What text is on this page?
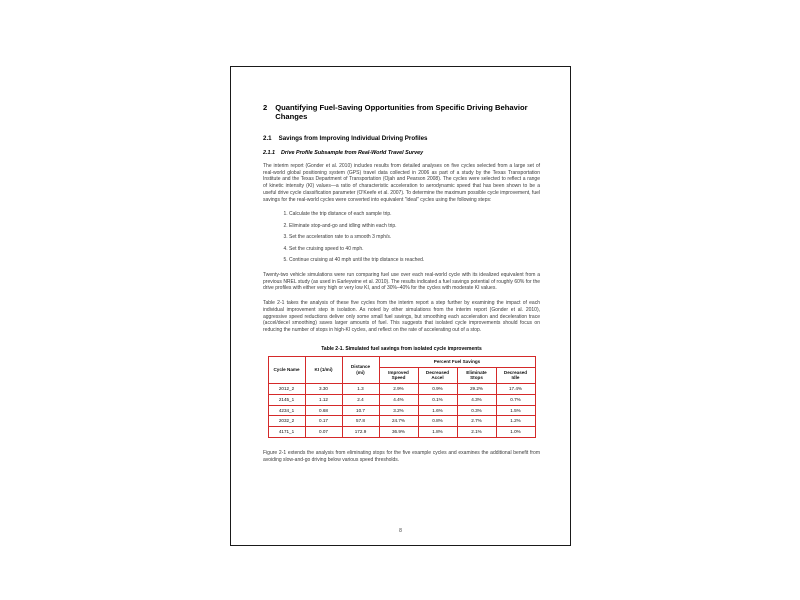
2 Quantifying Fuel-Saving Opportunities from Specific Driving Behavior Changes
2.1 Savings from Improving Individual Driving Profiles
2.1.1 Drive Profile Subsample from Real-World Travel Survey

The interim report (Gonder et al. 2010) includes results from detailed analyses on five cycles selected from a large set of real-world global positioning system (GPS) travel data collected in 2006 as part of a study by the Texas Transportation Institute and the Texas Department of Transportation (Ojah and Pearson 2008). The cycles were selected to reflect a range of kinetic intensity (KI) values—a ratio of characteristic acceleration to aerodynamic speed that has been shown to be a useful drive cycle classification parameter (O'Keefe et al. 2007). To determine the maximum possible cycle improvement, fuel savings for the real-world cycles were converted into equivalent "ideal" cycles using the following steps:

1. Calculate the trip distance of each sample trip.
2. Eliminate stop-and-go and idling within each trip.
3. Set the acceleration rate to a smooth 3 mph/s.
4. Set the cruising speed to 40 mph.
5. Continue cruising at 40 mph until the trip distance is reached.

Twenty-two vehicle simulations were run comparing fuel use over each real-world cycle with its idealized equivalent from a previous NREL study (as used in Earleywine et al. 2010). The results indicated a fuel savings potential of roughly 60% for the drive profiles with either very high or very low KI, and of 30%–40% for the cycles with moderate KI values.

Table 2-1 takes the analysis of these five cycles from the interim report a step further by examining the impact of each individual improvement step in isolation. As noted by other simulations from the interim report (Gonder et al. 2010), aggressive speed reductions deliver only some small fuel savings, but smoothing each acceleration and deceleration trace (accel/decel smoothing) saves larger amounts of fuel. This suggests that isolated cycle improvements should focus on reducing the number of stops in high-KI cycles, and reflect on the rate of accelerating out of a stop.

Table 2-1. Simulated fuel savings from isolated cycle improvements
Cycle Name	KI (1/mi)	Distance (mi)	Percent Fuel Savings			
			Improved Speed	Decreased Accel	Eliminate Stops	Decreased Idle
2012_2	3.30	1.3	2.9%	0.9%	29.2%	17.4%
2145_1	1.12	2.4	4.4%	0.1%	4.3%	0.7%
4234_1	0.68	10.7	3.2%	1.6%	0.3%	1.5%
2032_2	0.17	57.8	24.7%	0.8%	2.7%	1.2%
4171_1	0.07	172.9	36.9%	1.8%	2.1%	1.0%

Figure 2-1 extends the analysis from eliminating stops for the five example cycles and examines the additional benefit from avoiding slow-and-go driving below various speed thresholds.

8
